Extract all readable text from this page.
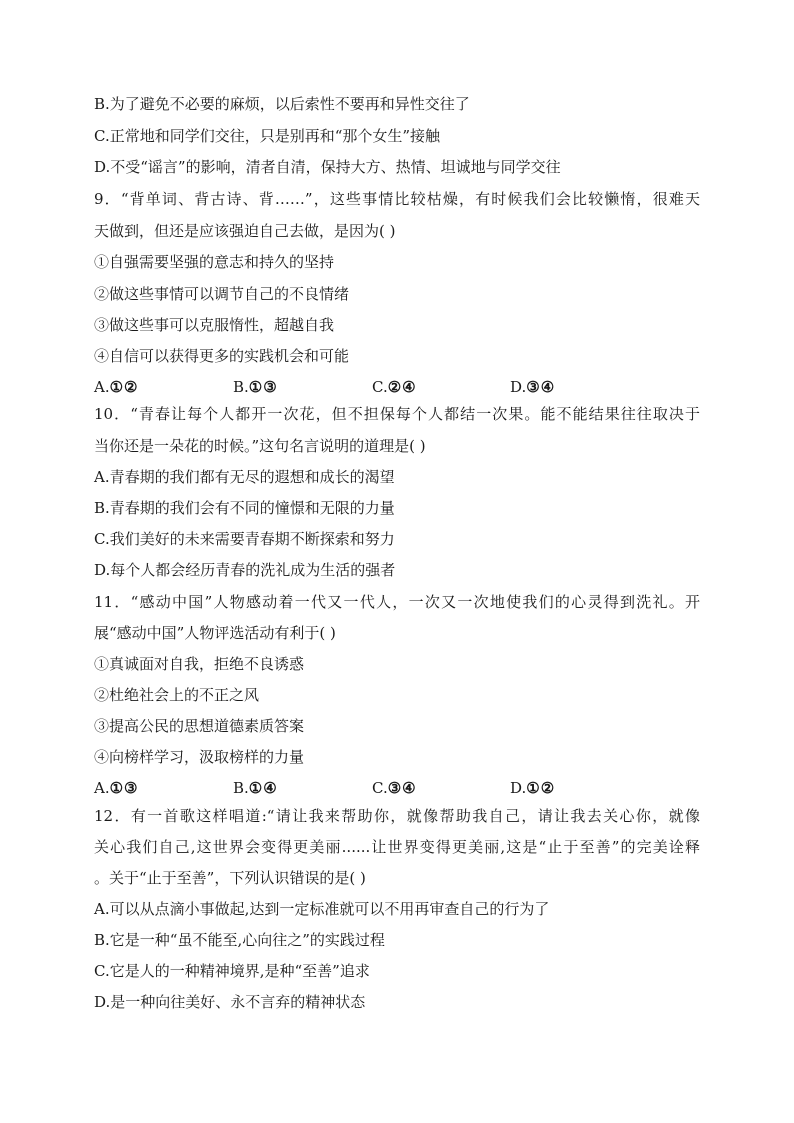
B.为了避免不必要的麻烦，以后索性不要再和异性交往了
C.正常地和同学们交往，只是别再和“那个女生”接触
D.不受“谣言”的影响，清者自清，保持大方、热情、坦诚地与同学交往
9．“背单词、背古诗、背……”，这些事情比较枯燥，有时候我们会比较懒惰，很难天
天做到，但还是应该强迫自己去做，是因为( )
①自强需要坚强的意志和持久的坚持
②做这些事情可以调节自己的不良情绪
③做这些事可以克服惰性，超越自我
④自信可以获得更多的实践机会和可能
A.①②	B.①③	C.②④	D.③④
10．“青春让每个人都开一次花，但不担保每个人都结一次果。能不能结果往往取决于
当你还是一朵花的时候。”这句名言说明的道理是( )
A.青春期的我们都有无尽的遐想和成长的渴望
B.青春期的我们会有不同的憧憬和无限的力量
C.我们美好的未来需要青春期不断探索和努力
D.每个人都会经历青春的洗礼成为生活的强者
11．“感动中国”人物感动着一代又一代人，一次又一次地使我们的心灵得到洗礼。开
展“感动中国”人物评选活动有利于( )
①真诚面对自我，拒绝不良诱惑
②杜绝社会上的不正之风
③提高公民的思想道德素质答案
④向榜样学习，汲取榜样的力量
A.①③	B.①④	C.③④	D.①②
12．有一首歌这样唱道:“请让我来帮助你，就像帮助我自己，请让我去关心你，就像
关心我们自己,这世界会变得更美丽......让世界变得更美丽,这是“止于至善”的完美诠释
。关于“止于至善”，下列认识错误的是( )
A.可以从点滴小事做起,达到一定标准就可以不用再审查自己的行为了
B.它是一种“虽不能至,心向往之”的实践过程
C.它是人的一种精神境界,是种“至善”追求
D.是一种向往美好、永不言弃的精神状态
